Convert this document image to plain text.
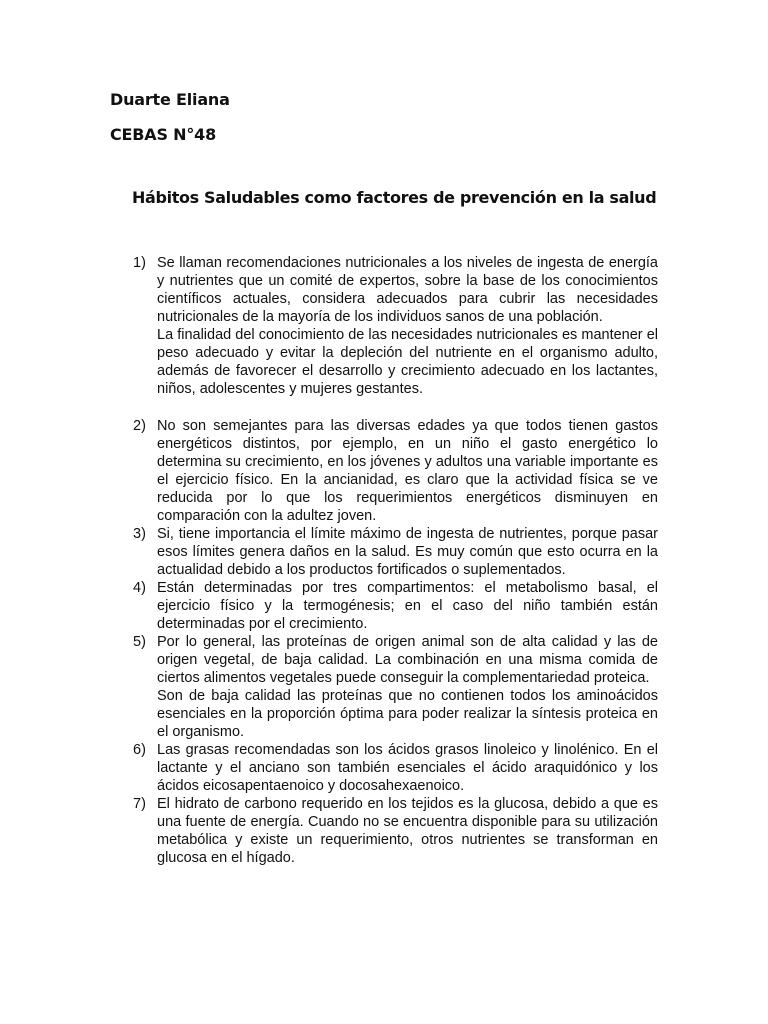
Duarte Eliana
CEBAS N°48
Hábitos Saludables como factores de prevención en la salud
1) Se llaman recomendaciones nutricionales a los niveles de ingesta de energía y nutrientes que un comité de expertos, sobre la base de los conocimientos científicos actuales, considera adecuados para cubrir las necesidades nutricionales de la mayoría de los individuos sanos de una población.
La finalidad del conocimiento de las necesidades nutricionales es mantener el peso adecuado y evitar la depleción del nutriente en el organismo adulto, además de favorecer el desarrollo y crecimiento adecuado en los lactantes, niños, adolescentes y mujeres gestantes.
2) No son semejantes para las diversas edades ya que todos tienen gastos energéticos distintos, por ejemplo, en un niño el gasto energético lo determina su crecimiento, en los jóvenes y adultos una variable importante es el ejercicio físico. En la ancianidad, es claro que la actividad física se ve reducida por lo que los requerimientos energéticos disminuyen en comparación con la adultez joven.
3) Si, tiene importancia el límite máximo de ingesta de nutrientes, porque pasar esos límites genera daños en la salud. Es muy común que esto ocurra en la actualidad debido a los productos fortificados o suplementados.
4) Están determinadas por tres compartimentos: el metabolismo basal, el ejercicio físico y la termogénesis; en el caso del niño también están determinadas por el crecimiento.
5) Por lo general, las proteínas de origen animal son de alta calidad y las de origen vegetal, de baja calidad. La combinación en una misma comida de ciertos alimentos vegetales puede conseguir la complementariedad proteica.
Son de baja calidad las proteínas que no contienen todos los aminoácidos esenciales en la proporción óptima para poder realizar la síntesis proteica en el organismo.
6) Las grasas recomendadas son los ácidos grasos linoleico y linolénico. En el lactante y el anciano son también esenciales el ácido araquidónico y los ácidos eicosapentaenoico y docosahexaenoico.
7) El hidrato de carbono requerido en los tejidos es la glucosa, debido a que es una fuente de energía. Cuando no se encuentra disponible para su utilización metabólica y existe un requerimiento, otros nutrientes se transforman en glucosa en el hígado.
